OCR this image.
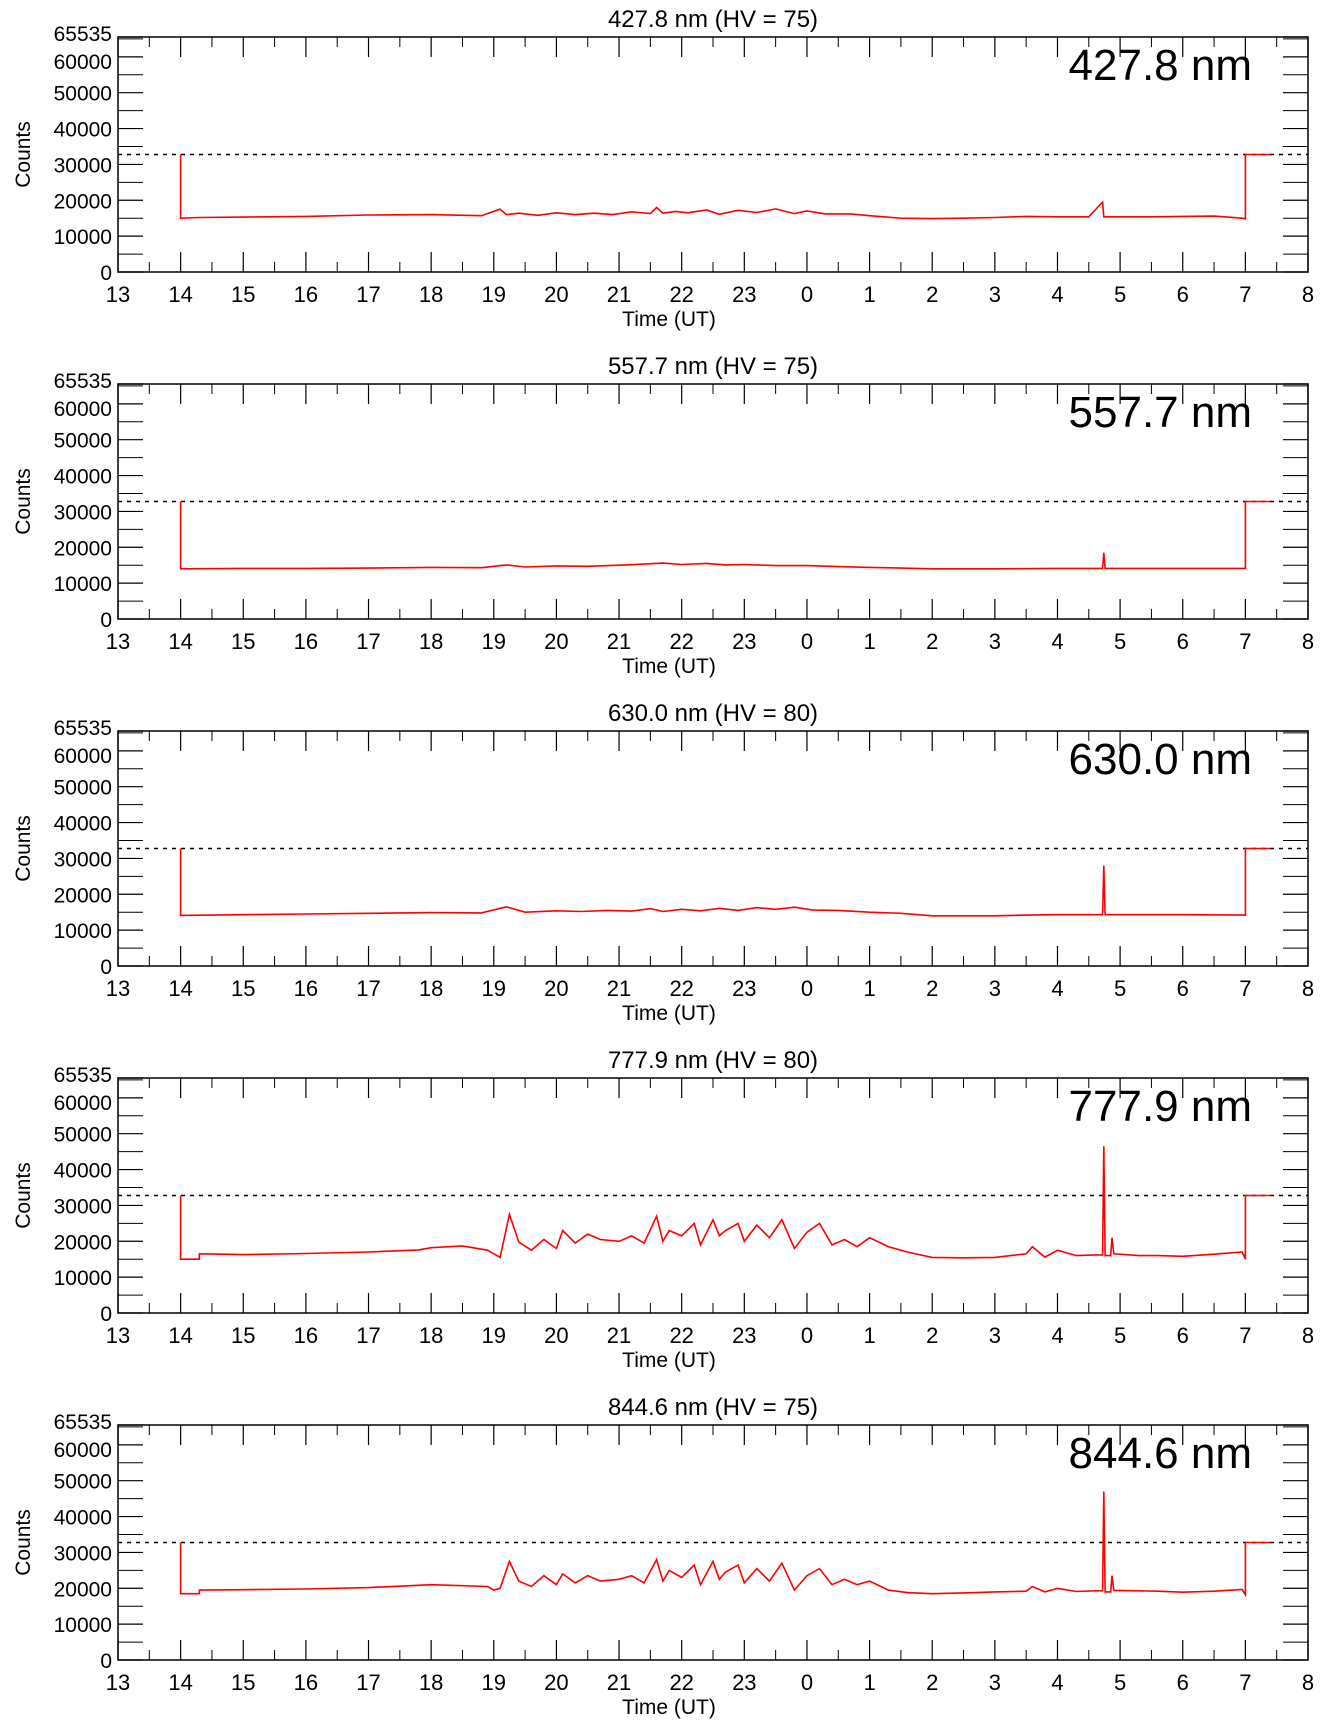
427.8 nm (HV = 75)
13 14 15 16 17 18 19 20 21 22 23 0 1 2 3 4 5 6 7 8
0
10000
20000
30000
40000
50000
60000
65535
Time (UT)
Counts
427.8 nm
557.7 nm (HV = 75)
13 14 15 16 17 18 19 20 21 22 23 0 1 2 3 4 5 6 7 8
0
10000
20000
30000
40000
50000
60000
65535
Time (UT)
Counts
557.7 nm
630.0 nm (HV = 80)
13 14 15 16 17 18 19 20 21 22 23 0 1 2 3 4 5 6 7 8
0
10000
20000
30000
40000
50000
60000
65535
Time (UT)
Counts
630.0 nm
777.9 nm (HV = 80)
13 14 15 16 17 18 19 20 21 22 23 0 1 2 3 4 5 6 7 8
0
10000
20000
30000
40000
50000
60000
65535
Time (UT)
Counts
777.9 nm
844.6 nm (HV = 75)
13 14 15 16 17 18 19 20 21 22 23 0 1 2 3 4 5 6 7 8
0
10000
20000
30000
40000
50000
60000
65535
Time (UT)
Counts
844.6 nm
